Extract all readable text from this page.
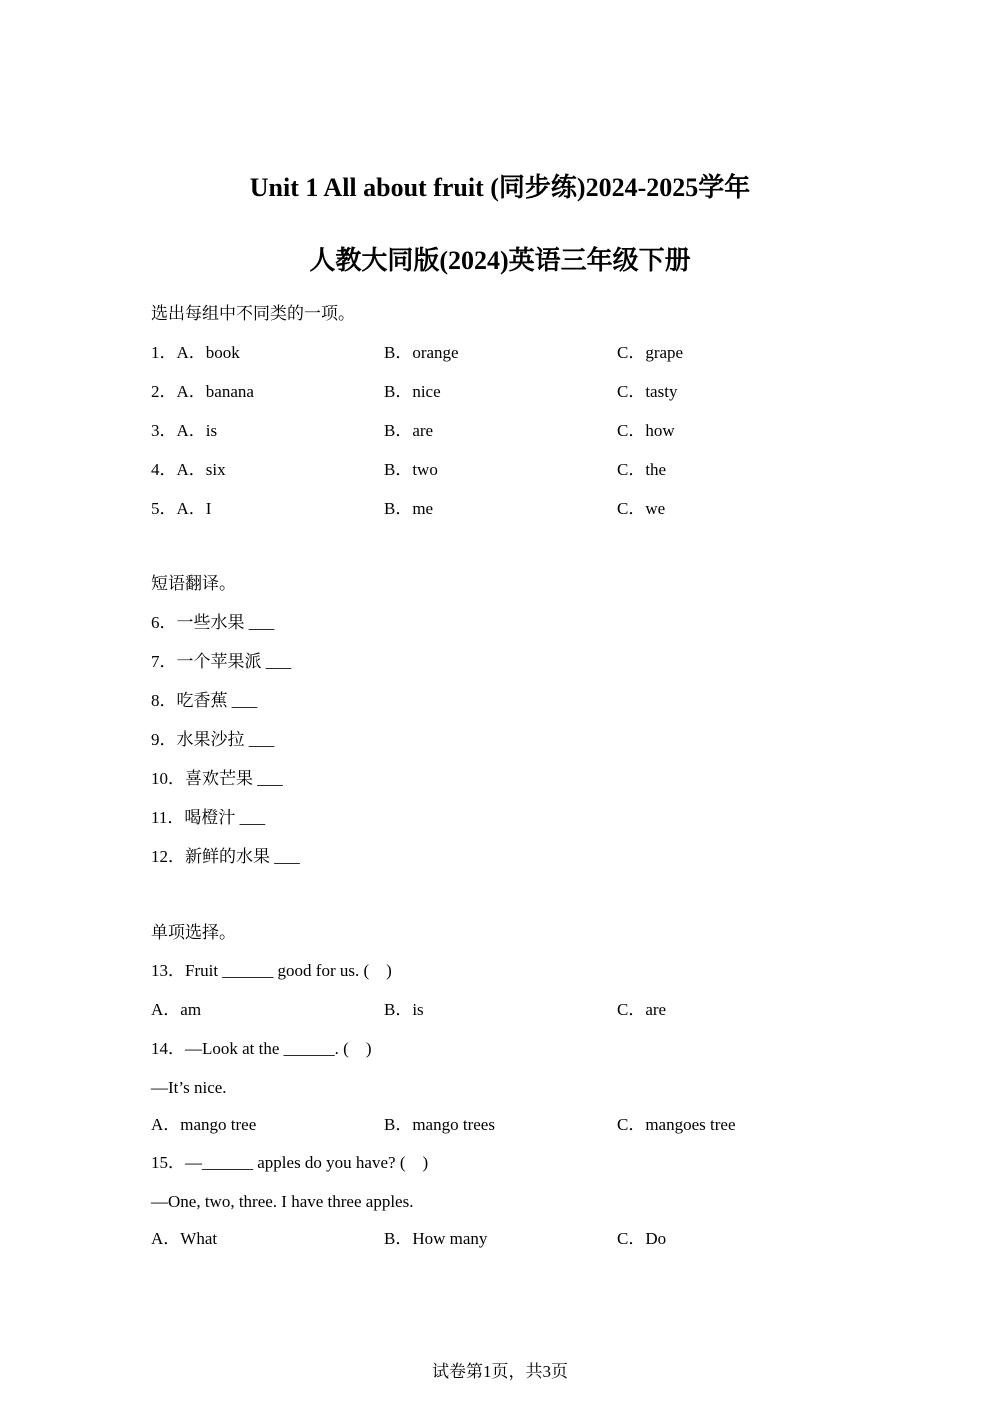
Unit 1 All about fruit (同步练)2024-2025学年
人教大同版(2024)英语三年级下册
选出每组中不同类的一项。
1．A．book	B．orange	C．grape
2．A．banana	B．nice	C．tasty
3．A．is	B．are	C．how
4．A．six	B．two	C．the
5．A．I	B．me	C．we
短语翻译。
6．一些水果 ___
7．一个苹果派 ___
8．吃香蕉 ___
9．水果沙拉 ___
10．喜欢芒果 ___
11．喝橙汁 ___
12．新鲜的水果 ___
单项选择。
13．Fruit ______ good for us. (    )
A．am	B．is	C．are
14．—Look at the ______. (    )
—It’s nice.
A．mango tree	B．mango trees	C．mangoes tree
15．—______ apples do you have? (    )
—One, two, three. I have three apples.
A．What	B．How many	C．Do
试卷第1页，共3页
